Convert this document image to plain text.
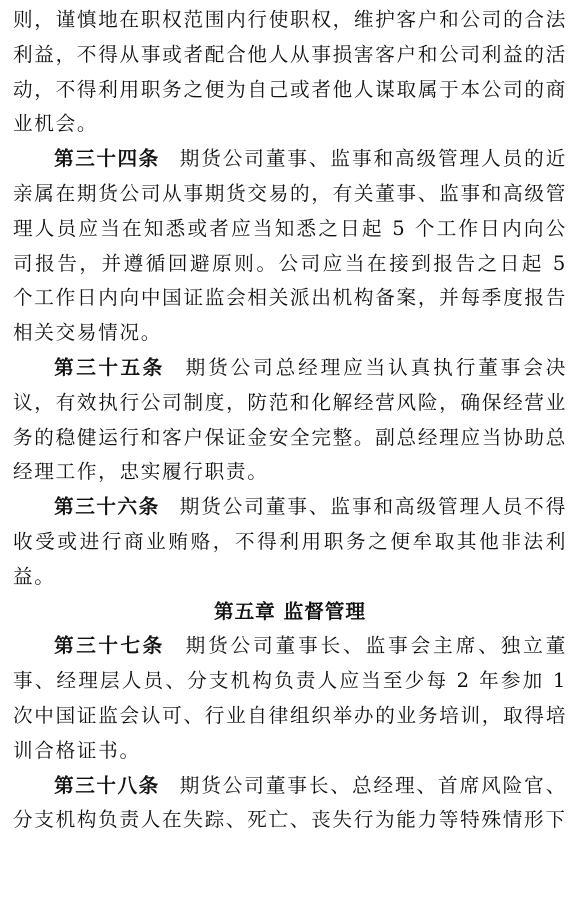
则，谨慎地在职权范围内行使职权，维护客户和公司的合法利益，不得从事或者配合他人从事损害客户和公司利益的活动，不得利用职务之便为自己或者他人谋取属于本公司的商业机会。

第三十四条 期货公司董事、监事和高级管理人员的近亲属在期货公司从事期货交易的，有关董事、监事和高级管理人员应当在知悉或者应当知悉之日起 5 个工作日内向公司报告，并遵循回避原则。公司应当在接到报告之日起 5 个工作日内向中国证监会相关派出机构备案，并每季度报告相关交易情况。

第三十五条 期货公司总经理应当认真执行董事会决议，有效执行公司制度，防范和化解经营风险，确保经营业务的稳健运行和客户保证金安全完整。副总经理应当协助总经理工作，忠实履行职责。

第三十六条 期货公司董事、监事和高级管理人员不得收受或进行商业贿赂，不得利用职务之便牟取其他非法利益。

第五章 监督管理

第三十七条 期货公司董事长、监事会主席、独立董事、经理层人员、分支机构负责人应当至少每 2 年参加 1 次中国证监会认可、行业自律组织举办的业务培训，取得培训合格证书。

第三十八条 期货公司董事长、总经理、首席风险官、分支机构负责人在失踪、死亡、丧失行为能力等特殊情形下
